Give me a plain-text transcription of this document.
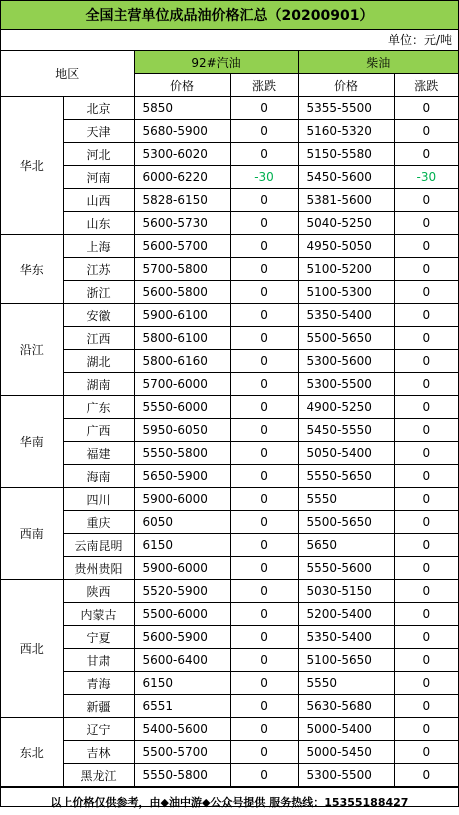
全国主营单位成品油价格汇总（20200901）
单位：元/吨
地区		92#汽油		柴油	
		价格	涨跌	价格	涨跌
华北	北京	5850	0	5355-5500	0
	天津	5680-5900	0	5160-5320	0
	河北	5300-6020	0	5150-5580	0
	河南	6000-6220	-30	5450-5600	-30
	山西	5828-6150	0	5381-5600	0
	山东	5600-5730	0	5040-5250	0
华东	上海	5600-5700	0	4950-5050	0
	江苏	5700-5800	0	5100-5200	0
	浙江	5600-5800	0	5100-5300	0
沿江	安徽	5900-6100	0	5350-5400	0
	江西	5800-6100	0	5500-5650	0
	湖北	5800-6160	0	5300-5600	0
	湖南	5700-6000	0	5300-5500	0
华南	广东	5550-6000	0	4900-5250	0
	广西	5950-6050	0	5450-5550	0
	福建	5550-5800	0	5050-5400	0
	海南	5650-5900	0	5550-5650	0
西南	四川	5900-6000	0	5550	0
	重庆	6050	0	5500-5650	0
	云南昆明	6150	0	5650	0
	贵州贵阳	5900-6000	0	5550-5600	0
西北	陕西	5520-5900	0	5030-5150	0
	内蒙古	5500-6000	0	5200-5400	0
	宁夏	5600-5900	0	5350-5400	0
	甘肃	5600-6400	0	5100-5650	0
	青海	6150	0	5550	0
	新疆	6551	0	5630-5680	0
东北	辽宁	5400-5600	0	5000-5400	0
	吉林	5500-5700	0	5000-5450	0
	黑龙江	5550-5800	0	5300-5500	0
以上价格仅供参考，由◆油中游◆公众号提供 服务热线：15355188427
